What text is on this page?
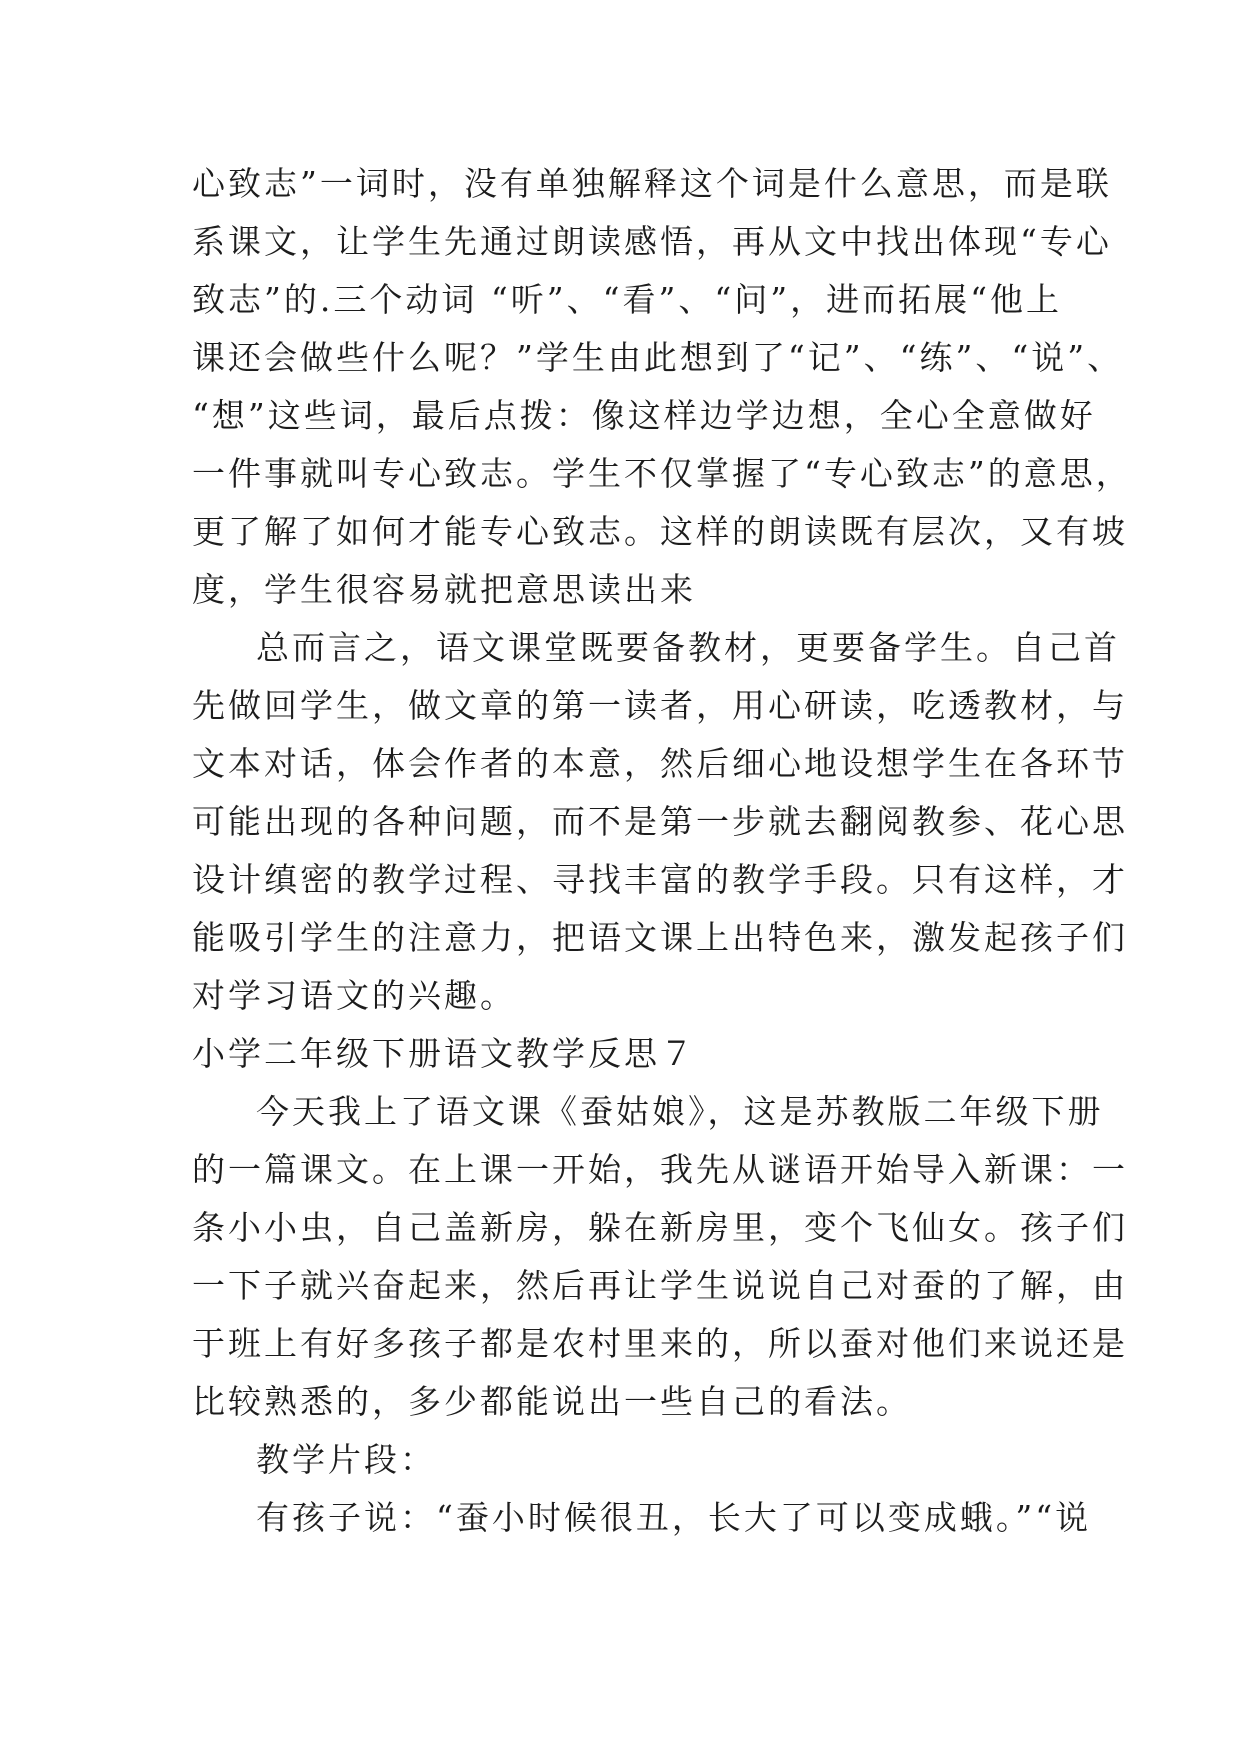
心致志”一词时，没有单独解释这个词是什么意思，而是联
系课文，让学生先通过朗读感悟，再从文中找出体现“专心
致志”的.三个动词 “听”、“看”、“问”，进而拓展“他上
课还会做些什么呢？”学生由此想到了“记”、“练”、“说”、
“想”这些词，最后点拨：像这样边学边想，全心全意做好
一件事就叫专心致志。学生不仅掌握了“专心致志”的意思，
更了解了如何才能专心致志。这样的朗读既有层次，又有坡
度，学生很容易就把意思读出来
总而言之，语文课堂既要备教材，更要备学生。自己首
先做回学生，做文章的第一读者，用心研读，吃透教材，与
文本对话，体会作者的本意，然后细心地设想学生在各环节
可能出现的各种问题，而不是第一步就去翻阅教参、花心思
设计缜密的教学过程、寻找丰富的教学手段。只有这样，才
能吸引学生的注意力，把语文课上出特色来，激发起孩子们
对学习语文的兴趣。
小学二年级下册语文教学反思７
今天我上了语文课《蚕姑娘》，这是苏教版二年级下册
的一篇课文。在上课一开始，我先从谜语开始导入新课：一
条小小虫，自己盖新房，躲在新房里，变个飞仙女。孩子们
一下子就兴奋起来，然后再让学生说说自己对蚕的了解，由
于班上有好多孩子都是农村里来的，所以蚕对他们来说还是
比较熟悉的，多少都能说出一些自己的看法。
教学片段：
有孩子说：“蚕小时候很丑，长大了可以变成蛾。”“说
